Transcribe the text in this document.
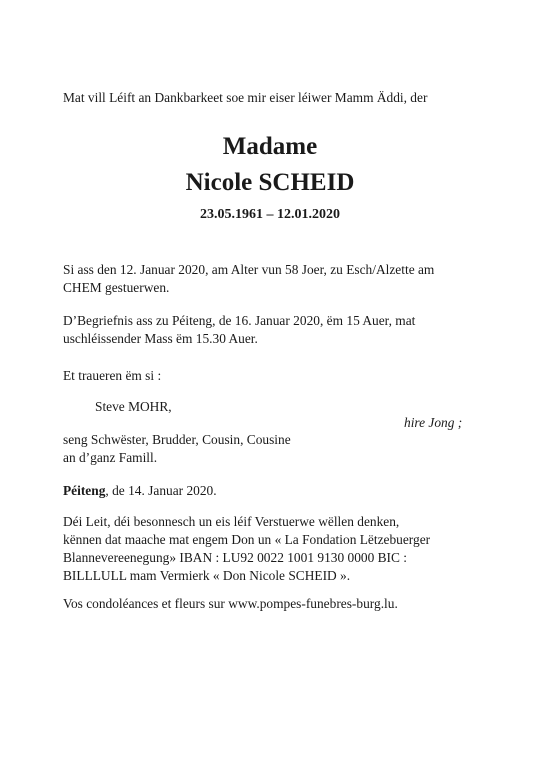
Mat vill Léift an Dankbarkeet soe mir eiser léiwer Mamm Äddi, der
Madame
Nicole SCHEID
23.05.1961 – 12.01.2020
Si ass den 12. Januar 2020, am Alter vun 58 Joer, zu Esch/Alzette am
CHEM gestuerwen.
D’Begriefnis ass zu Péiteng, de 16. Januar 2020, ëm 15 Auer, mat
uschléissender Mass ëm 15.30 Auer.
Et traueren ëm si :
Steve MOHR,
hire Jong ;
seng Schwëster, Brudder, Cousin, Cousine
an d’ganz Famill.
Péiteng, de 14. Januar 2020.
Déi Leit, déi besonnesch un eis léif Verstuerwe wëllen denken,
kënnen dat maache mat engem Don un « La Fondation Lëtzebuerger
Blannevereenegung» IBAN : LU92 0022 1001 9130 0000 BIC :
BILLLULL mam Vermierk « Don Nicole SCHEID ».
Vos condoléances et fleurs sur www.pompes-funebres-burg.lu.
